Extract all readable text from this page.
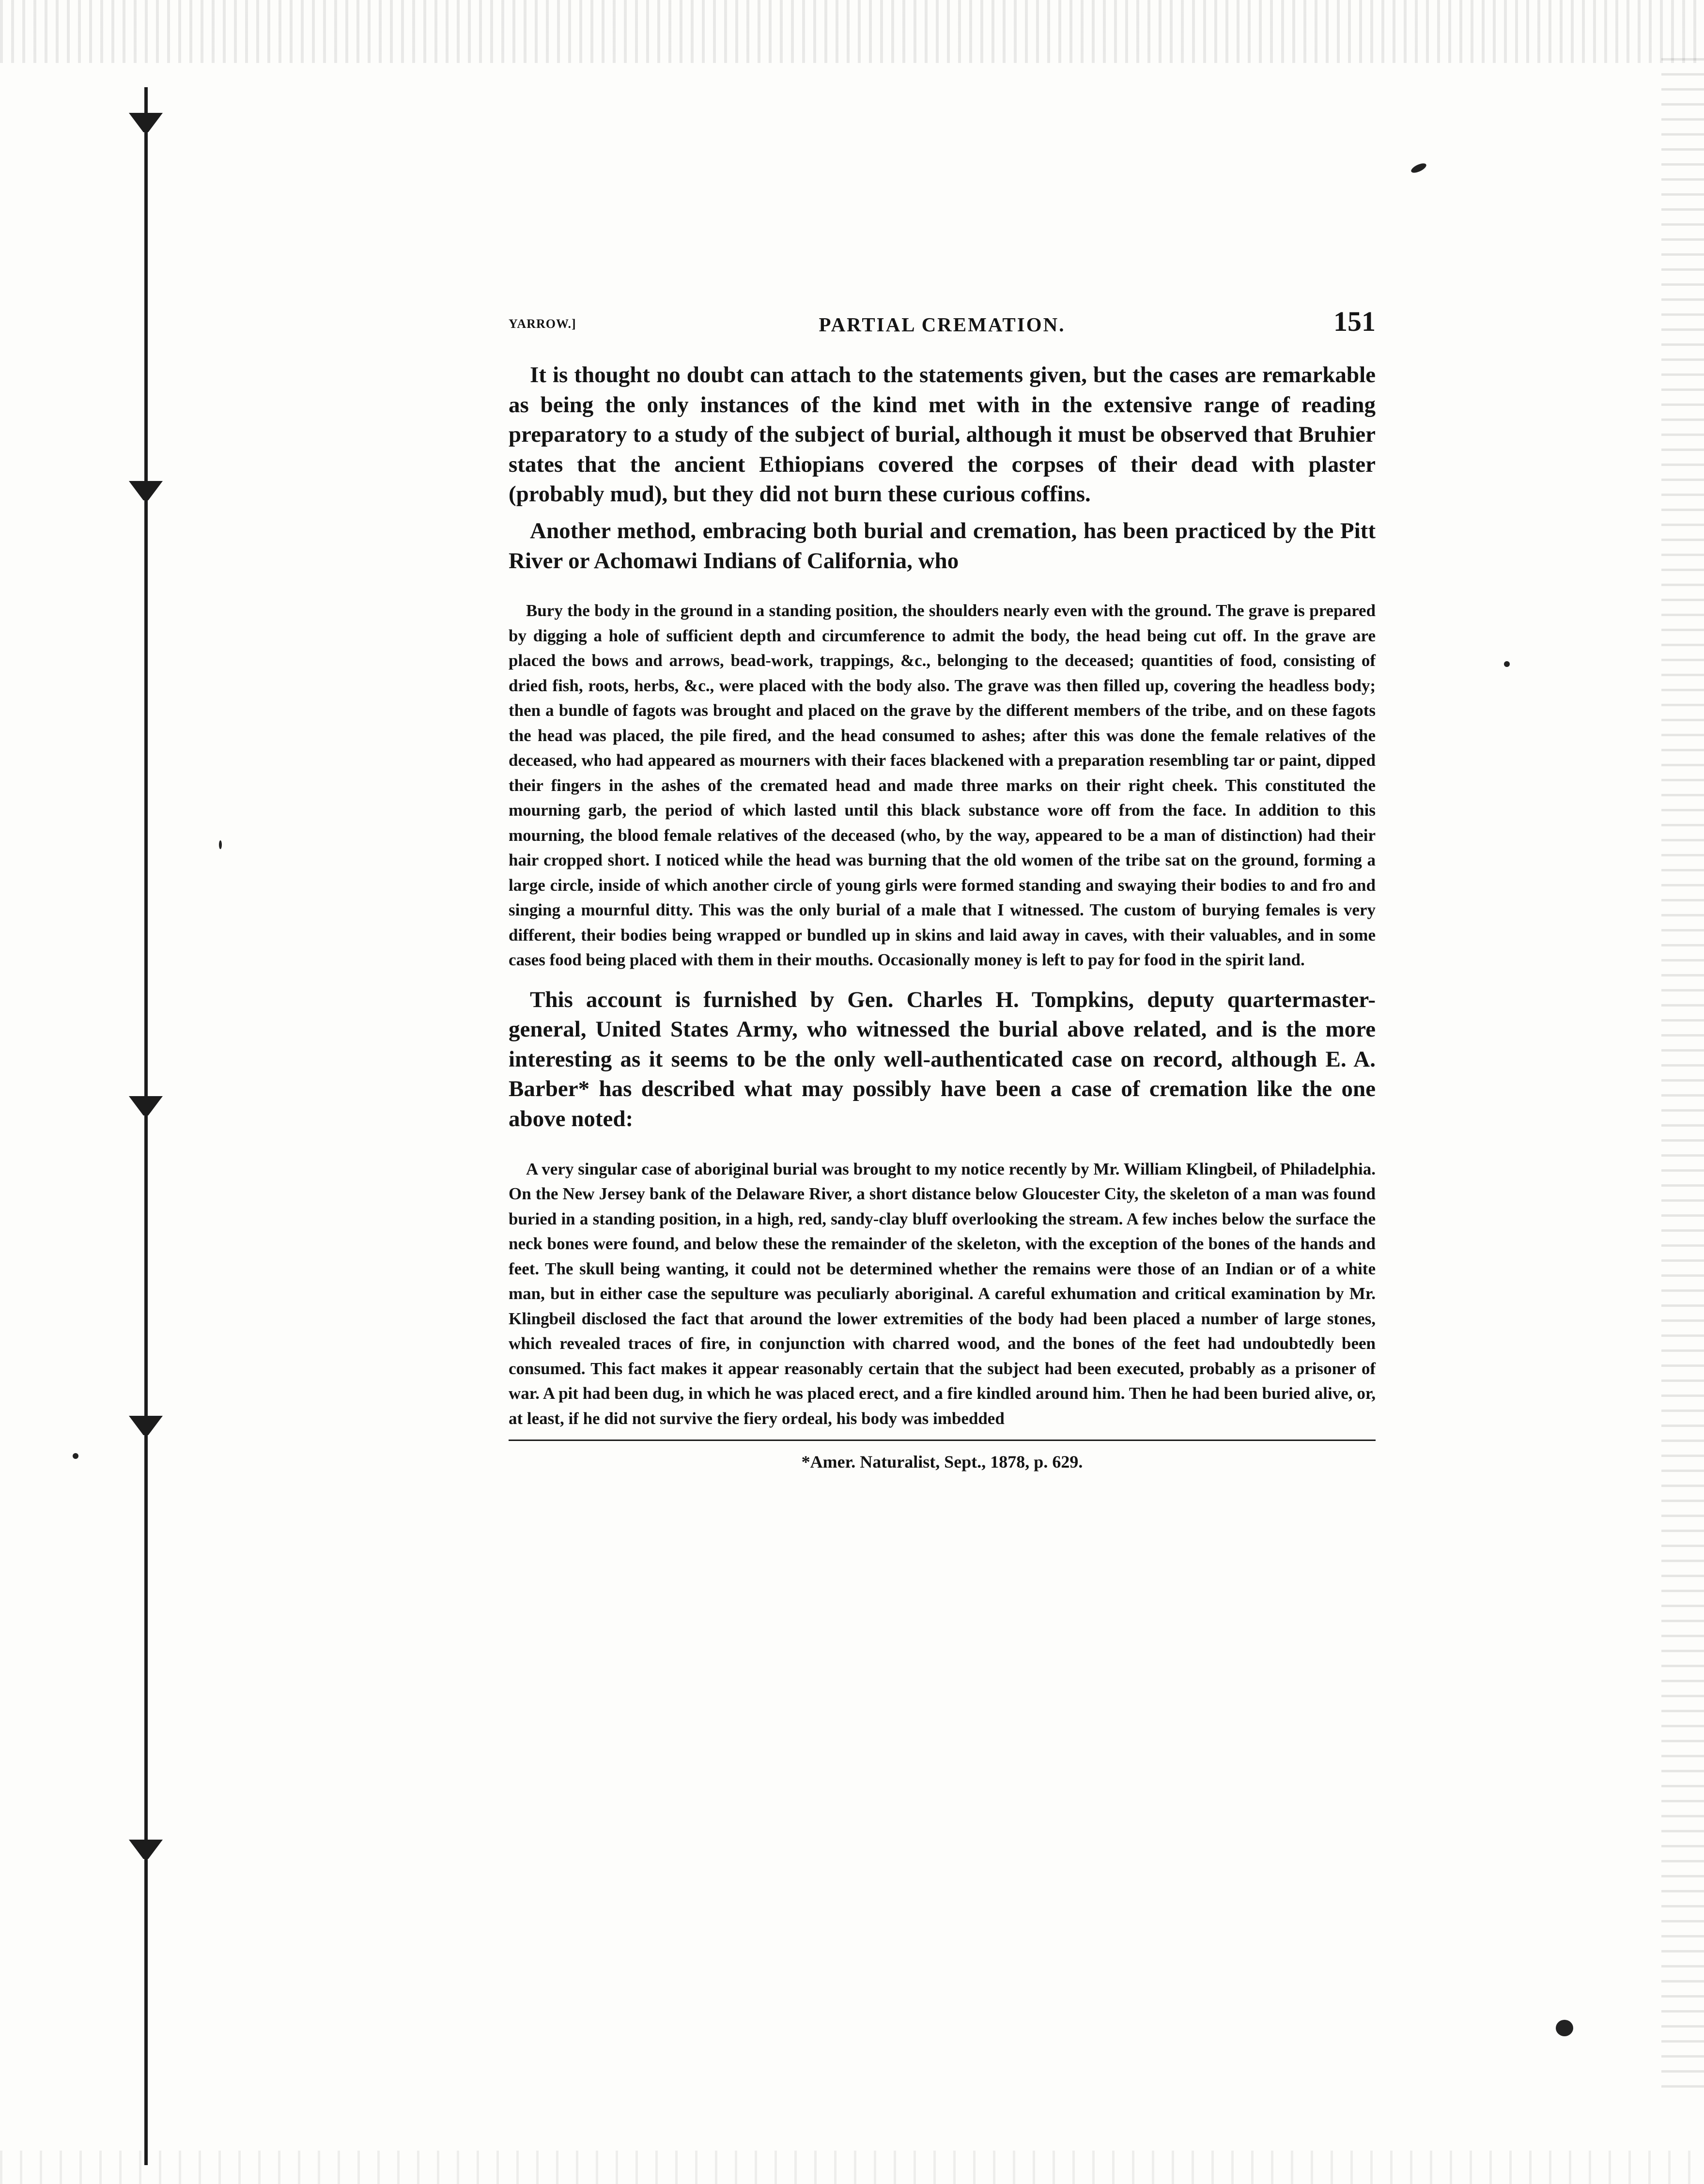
YARROW.]	PARTIAL CREMATION.	151

It is thought no doubt can attach to the statements given, but the cases are remarkable as being the only instances of the kind met with in the extensive range of reading preparatory to a study of the subject of burial, although it must be observed that Bruhier states that the ancient Ethiopians covered the corpses of their dead with plaster (probably mud), but they did not burn these curious coffins.

Another method, embracing both burial and cremation, has been practiced by the Pitt River or Achomawi Indians of California, who

Bury the body in the ground in a standing position, the shoulders nearly even with the ground. The grave is prepared by digging a hole of sufficient depth and circumference to admit the body, the head being cut off. In the grave are placed the bows and arrows, bead-work, trappings, &c., belonging to the deceased; quantities of food, consisting of dried fish, roots, herbs, &c., were placed with the body also. The grave was then filled up, covering the headless body; then a bundle of fagots was brought and placed on the grave by the different members of the tribe, and on these fagots the head was placed, the pile fired, and the head consumed to ashes; after this was done the female relatives of the deceased, who had appeared as mourners with their faces blackened with a preparation resembling tar or paint, dipped their fingers in the ashes of the cremated head and made three marks on their right cheek. This constituted the mourning garb, the period of which lasted until this black substance wore off from the face. In addition to this mourning, the blood female relatives of the deceased (who, by the way, appeared to be a man of distinction) had their hair cropped short. I noticed while the head was burning that the old women of the tribe sat on the ground, forming a large circle, inside of which another circle of young girls were formed standing and swaying their bodies to and fro and singing a mournful ditty. This was the only burial of a male that I witnessed. The custom of burying females is very different, their bodies being wrapped or bundled up in skins and laid away in caves, with their valuables, and in some cases food being placed with them in their mouths. Occasionally money is left to pay for food in the spirit land.

This account is furnished by Gen. Charles H. Tompkins, deputy quartermaster-general, United States Army, who witnessed the burial above related, and is the more interesting as it seems to be the only well-authenticated case on record, although E. A. Barber* has described what may possibly have been a case of cremation like the one above noted:

A very singular case of aboriginal burial was brought to my notice recently by Mr. William Klingbeil, of Philadelphia. On the New Jersey bank of the Delaware River, a short distance below Gloucester City, the skeleton of a man was found buried in a standing position, in a high, red, sandy-clay bluff overlooking the stream. A few inches below the surface the neck bones were found, and below these the remainder of the skeleton, with the exception of the bones of the hands and feet. The skull being wanting, it could not be determined whether the remains were those of an Indian or of a white man, but in either case the sepulture was peculiarly aboriginal. A careful exhumation and critical examination by Mr. Klingbeil disclosed the fact that around the lower extremities of the body had been placed a number of large stones, which revealed traces of fire, in conjunction with charred wood, and the bones of the feet had undoubtedly been consumed. This fact makes it appear reasonably certain that the subject had been executed, probably as a prisoner of war. A pit had been dug, in which he was placed erect, and a fire kindled around him. Then he had been buried alive, or, at least, if he did not survive the fiery ordeal, his body was imbedded

*Amer. Naturalist, Sept., 1878, p. 629.
